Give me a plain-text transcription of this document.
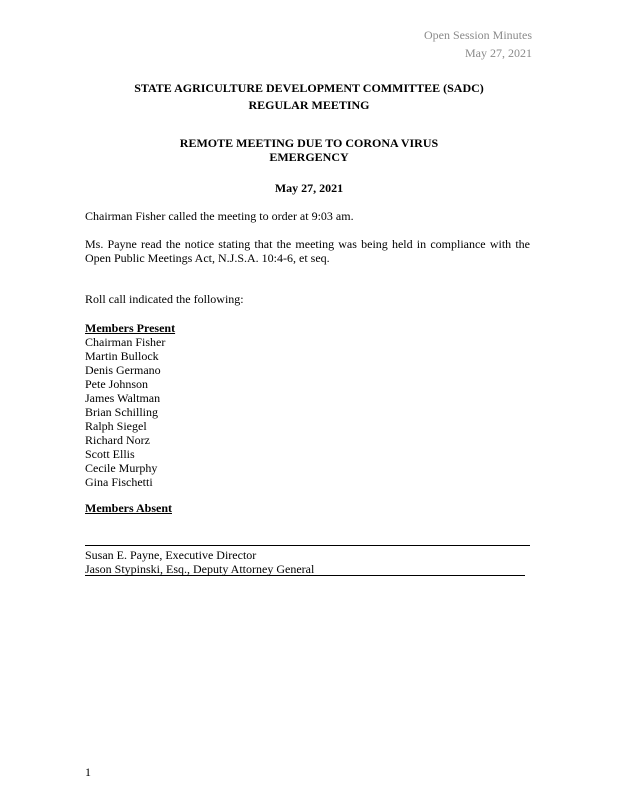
Open Session Minutes
May 27, 2021
STATE AGRICULTURE DEVELOPMENT COMMITTEE (SADC)
REGULAR MEETING
REMOTE MEETING DUE TO CORONA VIRUS
EMERGENCY
May 27, 2021
Chairman Fisher called the meeting to order at 9:03 am.
Ms. Payne read the notice stating that the meeting was being held in compliance with the
Open Public Meetings Act, N.J.S.A. 10:4-6, et seq.
Roll call indicated the following:
Members Present
Chairman Fisher
Martin Bullock
Denis Germano
Pete Johnson
James Waltman
Brian Schilling
Ralph Siegel
Richard Norz
Scott Ellis
Cecile Murphy
Gina Fischetti
Members Absent
Susan E. Payne, Executive Director
Jason Stypinski, Esq., Deputy Attorney General
1
